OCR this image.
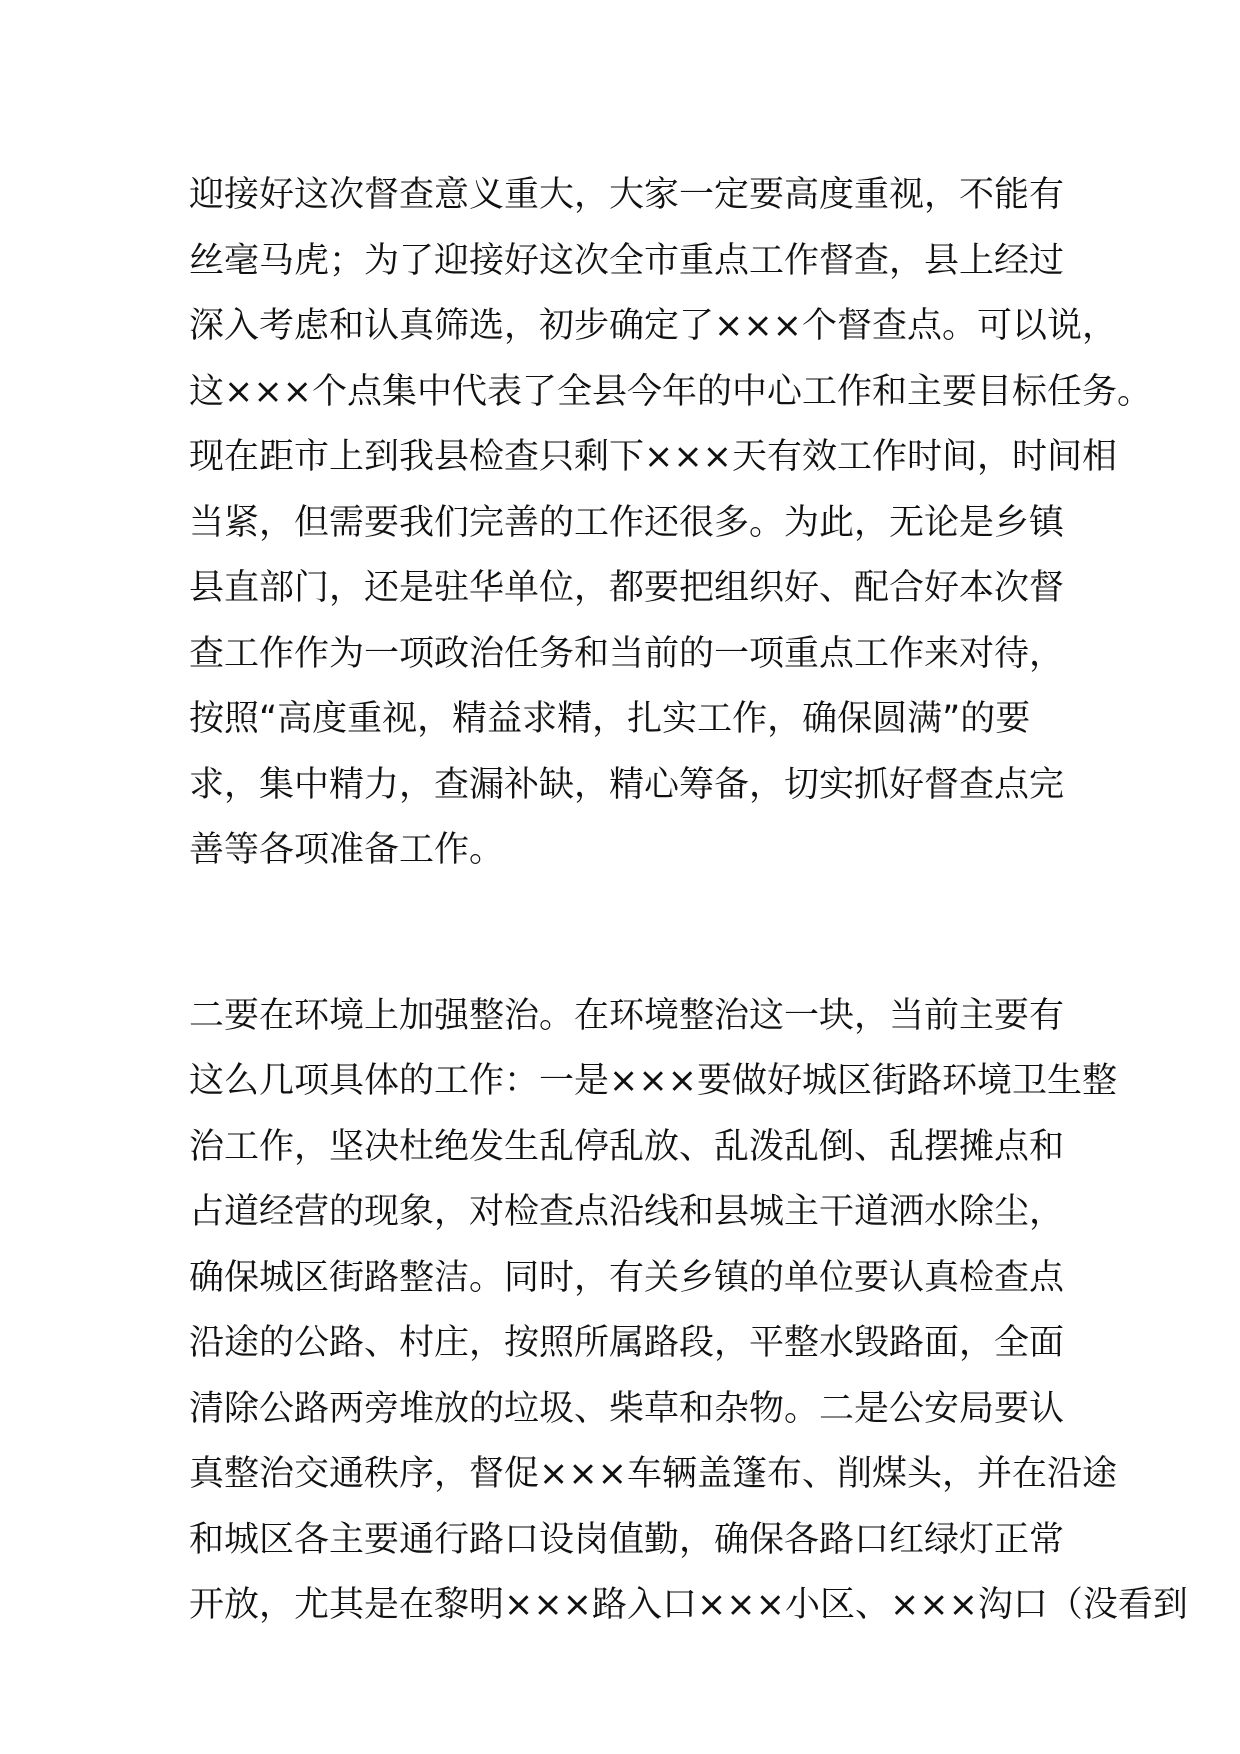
迎接好这次督查意义重大，大家一定要高度重视，不能有
丝毫马虎；为了迎接好这次全市重点工作督查，县上经过
深入考虑和认真筛选，初步确定了×××个督查点。可以说，
这×××个点集中代表了全县今年的中心工作和主要目标任务。
现在距市上到我县检查只剩下×××天有效工作时间，时间相
当紧，但需要我们完善的工作还很多。为此，无论是乡镇
县直部门，还是驻华单位，都要把组织好、配合好本次督
查工作作为一项政治任务和当前的一项重点工作来对待，
按照“高度重视，精益求精，扎实工作，确保圆满”的要
求，集中精力，查漏补缺，精心筹备，切实抓好督查点完
善等各项准备工作。
二要在环境上加强整治。在环境整治这一块，当前主要有
这么几项具体的工作：一是×××要做好城区街路环境卫生整
治工作，坚决杜绝发生乱停乱放、乱泼乱倒、乱摆摊点和
占道经营的现象，对检查点沿线和县城主干道洒水除尘，
确保城区街路整洁。同时，有关乡镇的单位要认真检查点
沿途的公路、村庄，按照所属路段，平整水毁路面，全面
清除公路两旁堆放的垃圾、柴草和杂物。二是公安局要认
真整治交通秩序，督促×××车辆盖篷布、削煤头，并在沿途
和城区各主要通行路口设岗值勤，确保各路口红绿灯正常
开放，尤其是在黎明×××路入口×××小区、×××沟口（没看到
